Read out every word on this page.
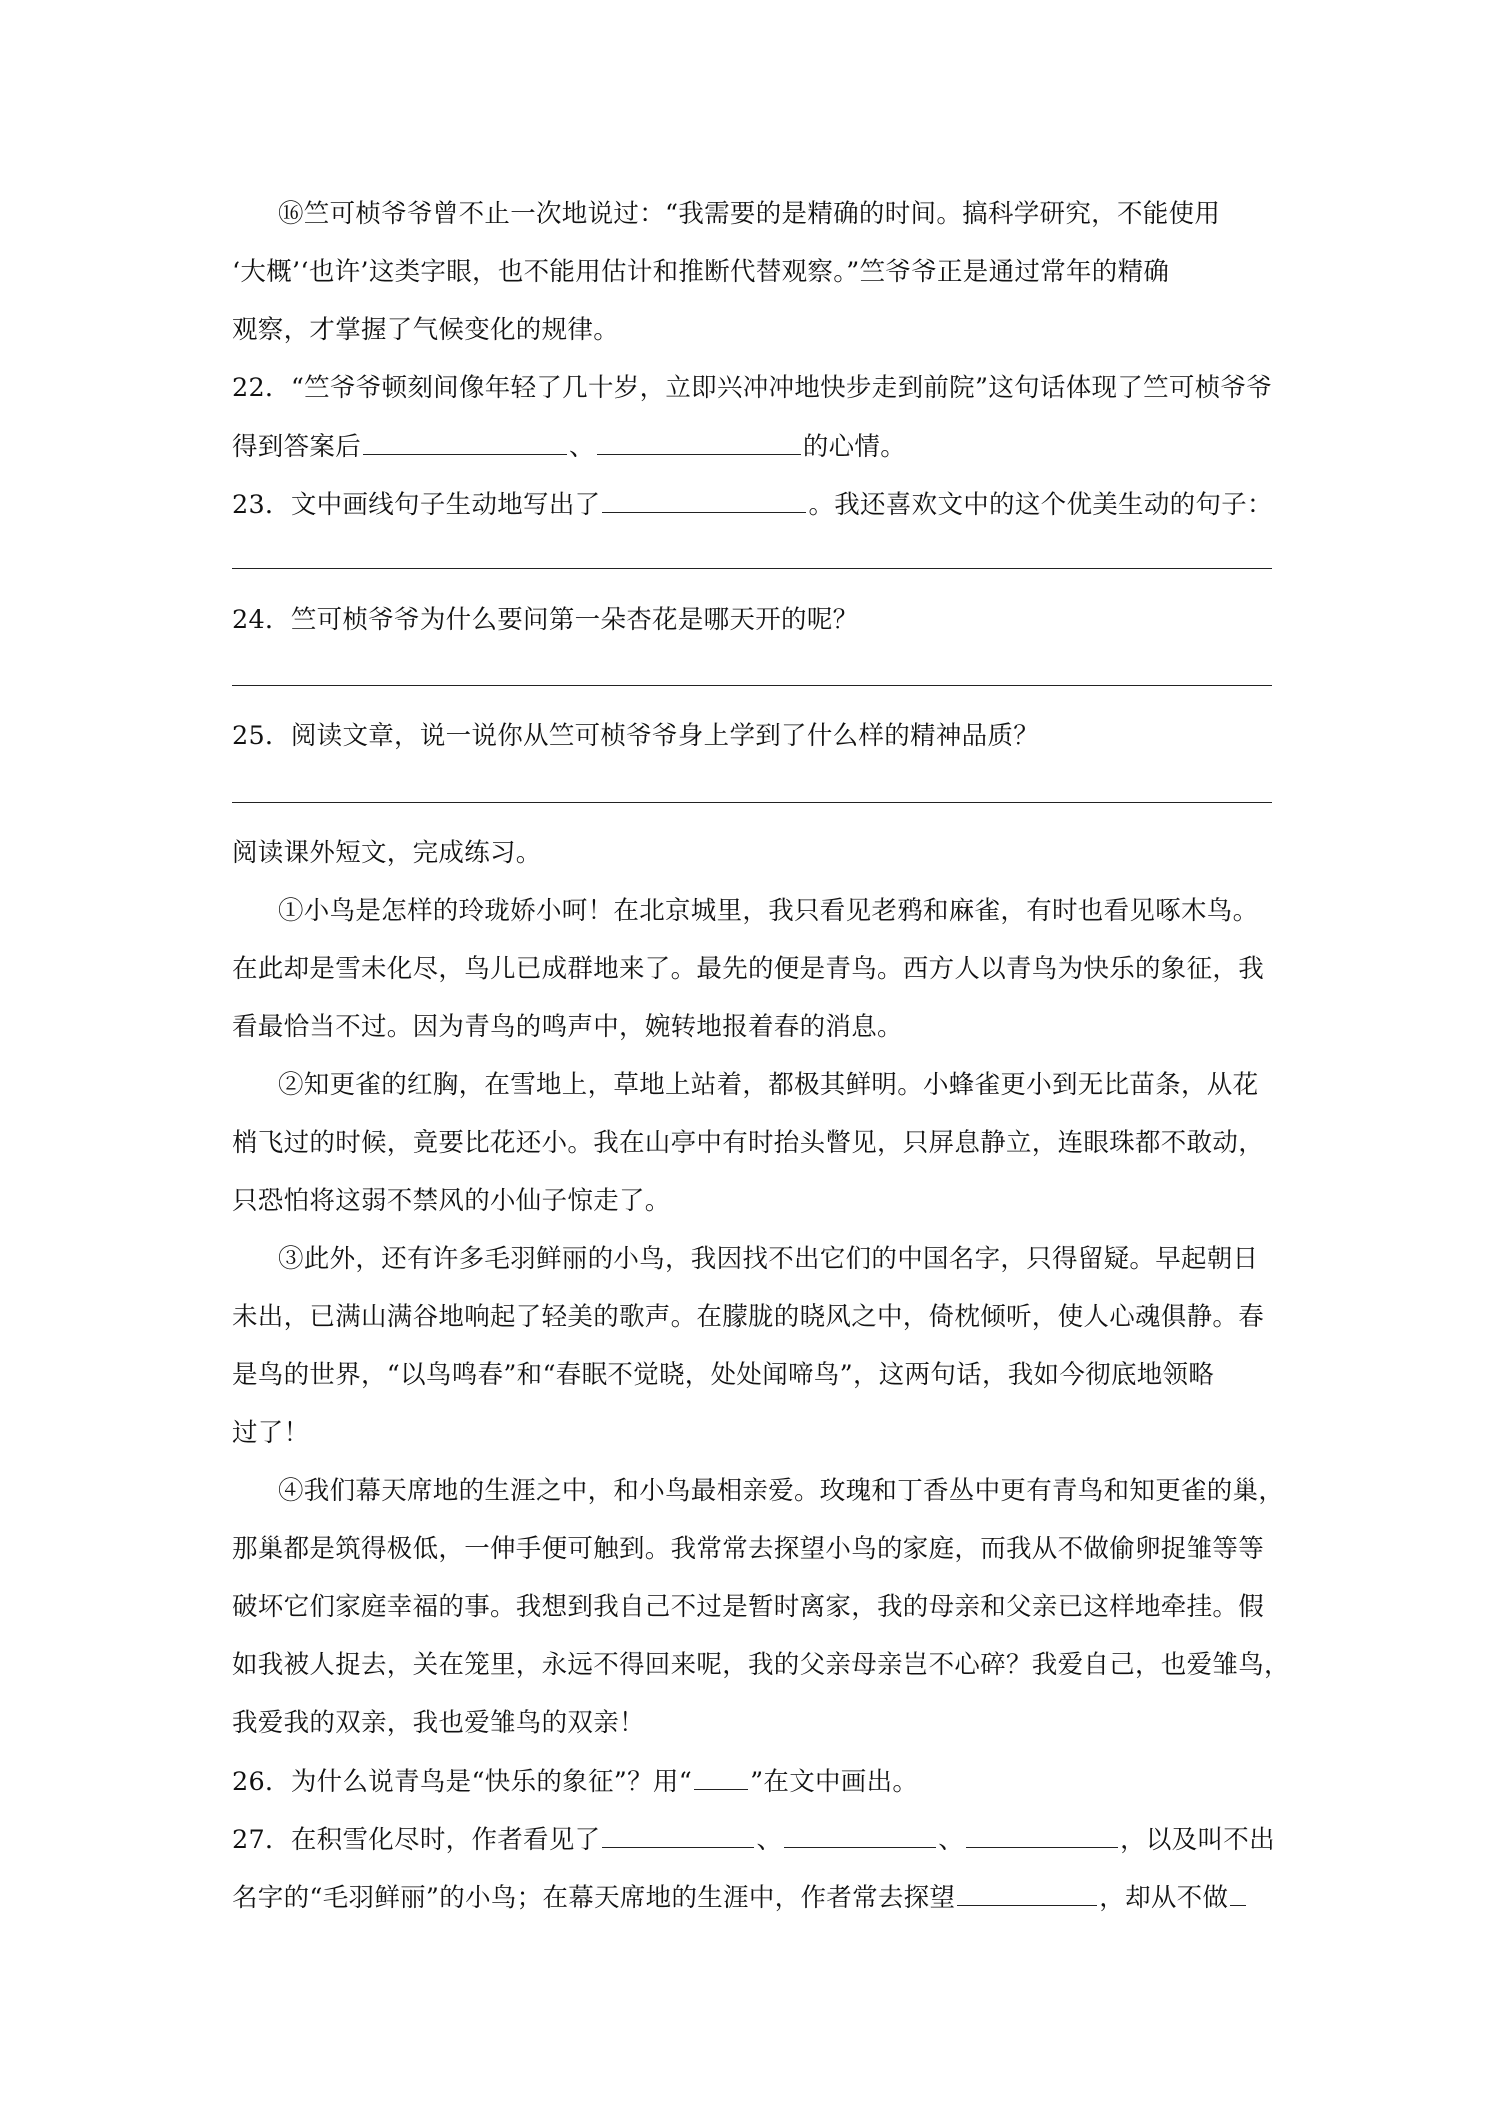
⑯竺可桢爷爷曾不止一次地说过：“我需要的是精确的时间。搞科学研究，不能使用
‘大概’‘也许’这类字眼，也不能用估计和推断代替观察。”竺爷爷正是通过常年的精确
观察，才掌握了气候变化的规律。
22．“竺爷爷顿刻间像年轻了几十岁，立即兴冲冲地快步走到前院”这句话体现了竺可桢爷爷
得到答案后	、	的心情。
23．文中画线句子生动地写出了	。我还喜欢文中的这个优美生动的句子：
24．竺可桢爷爷为什么要问第一朵杏花是哪天开的呢？
25．阅读文章，说一说你从竺可桢爷爷身上学到了什么样的精神品质？
阅读课外短文，完成练习。
①小鸟是怎样的玲珑娇小呵！在北京城里，我只看见老鸦和麻雀，有时也看见啄木鸟。
在此却是雪未化尽，鸟儿已成群地来了。最先的便是青鸟。西方人以青鸟为快乐的象征，我
看最恰当不过。因为青鸟的鸣声中，婉转地报着春的消息。
②知更雀的红胸，在雪地上，草地上站着，都极其鲜明。小蜂雀更小到无比苗条，从花
梢飞过的时候，竟要比花还小。我在山亭中有时抬头瞥见，只屏息静立，连眼珠都不敢动，
只恐怕将这弱不禁风的小仙子惊走了。
③此外，还有许多毛羽鲜丽的小鸟，我因找不出它们的中国名字，只得留疑。早起朝日
未出，已满山满谷地响起了轻美的歌声。在朦胧的晓风之中，倚枕倾听，使人心魂俱静。春
是鸟的世界，“以鸟鸣春”和“春眠不觉晓，处处闻啼鸟”，这两句话，我如今彻底地领略
过了！
④我们幕天席地的生涯之中，和小鸟最相亲爱。玫瑰和丁香丛中更有青鸟和知更雀的巢，
那巢都是筑得极低，一伸手便可触到。我常常去探望小鸟的家庭，而我从不做偷卵捉雏等等
破坏它们家庭幸福的事。我想到我自己不过是暂时离家，我的母亲和父亲已这样地牵挂。假
如我被人捉去，关在笼里，永远不得回来呢，我的父亲母亲岂不心碎？我爱自己，也爱雏鸟，
我爱我的双亲，我也爱雏鸟的双亲！
26．为什么说青鸟是“快乐的象征”？用“ ”在文中画出。
27．在积雪化尽时，作者看见了	、	、	，以及叫不出
名字的“毛羽鲜丽”的小鸟；在幕天席地的生涯中，作者常去探望	，却从不做
